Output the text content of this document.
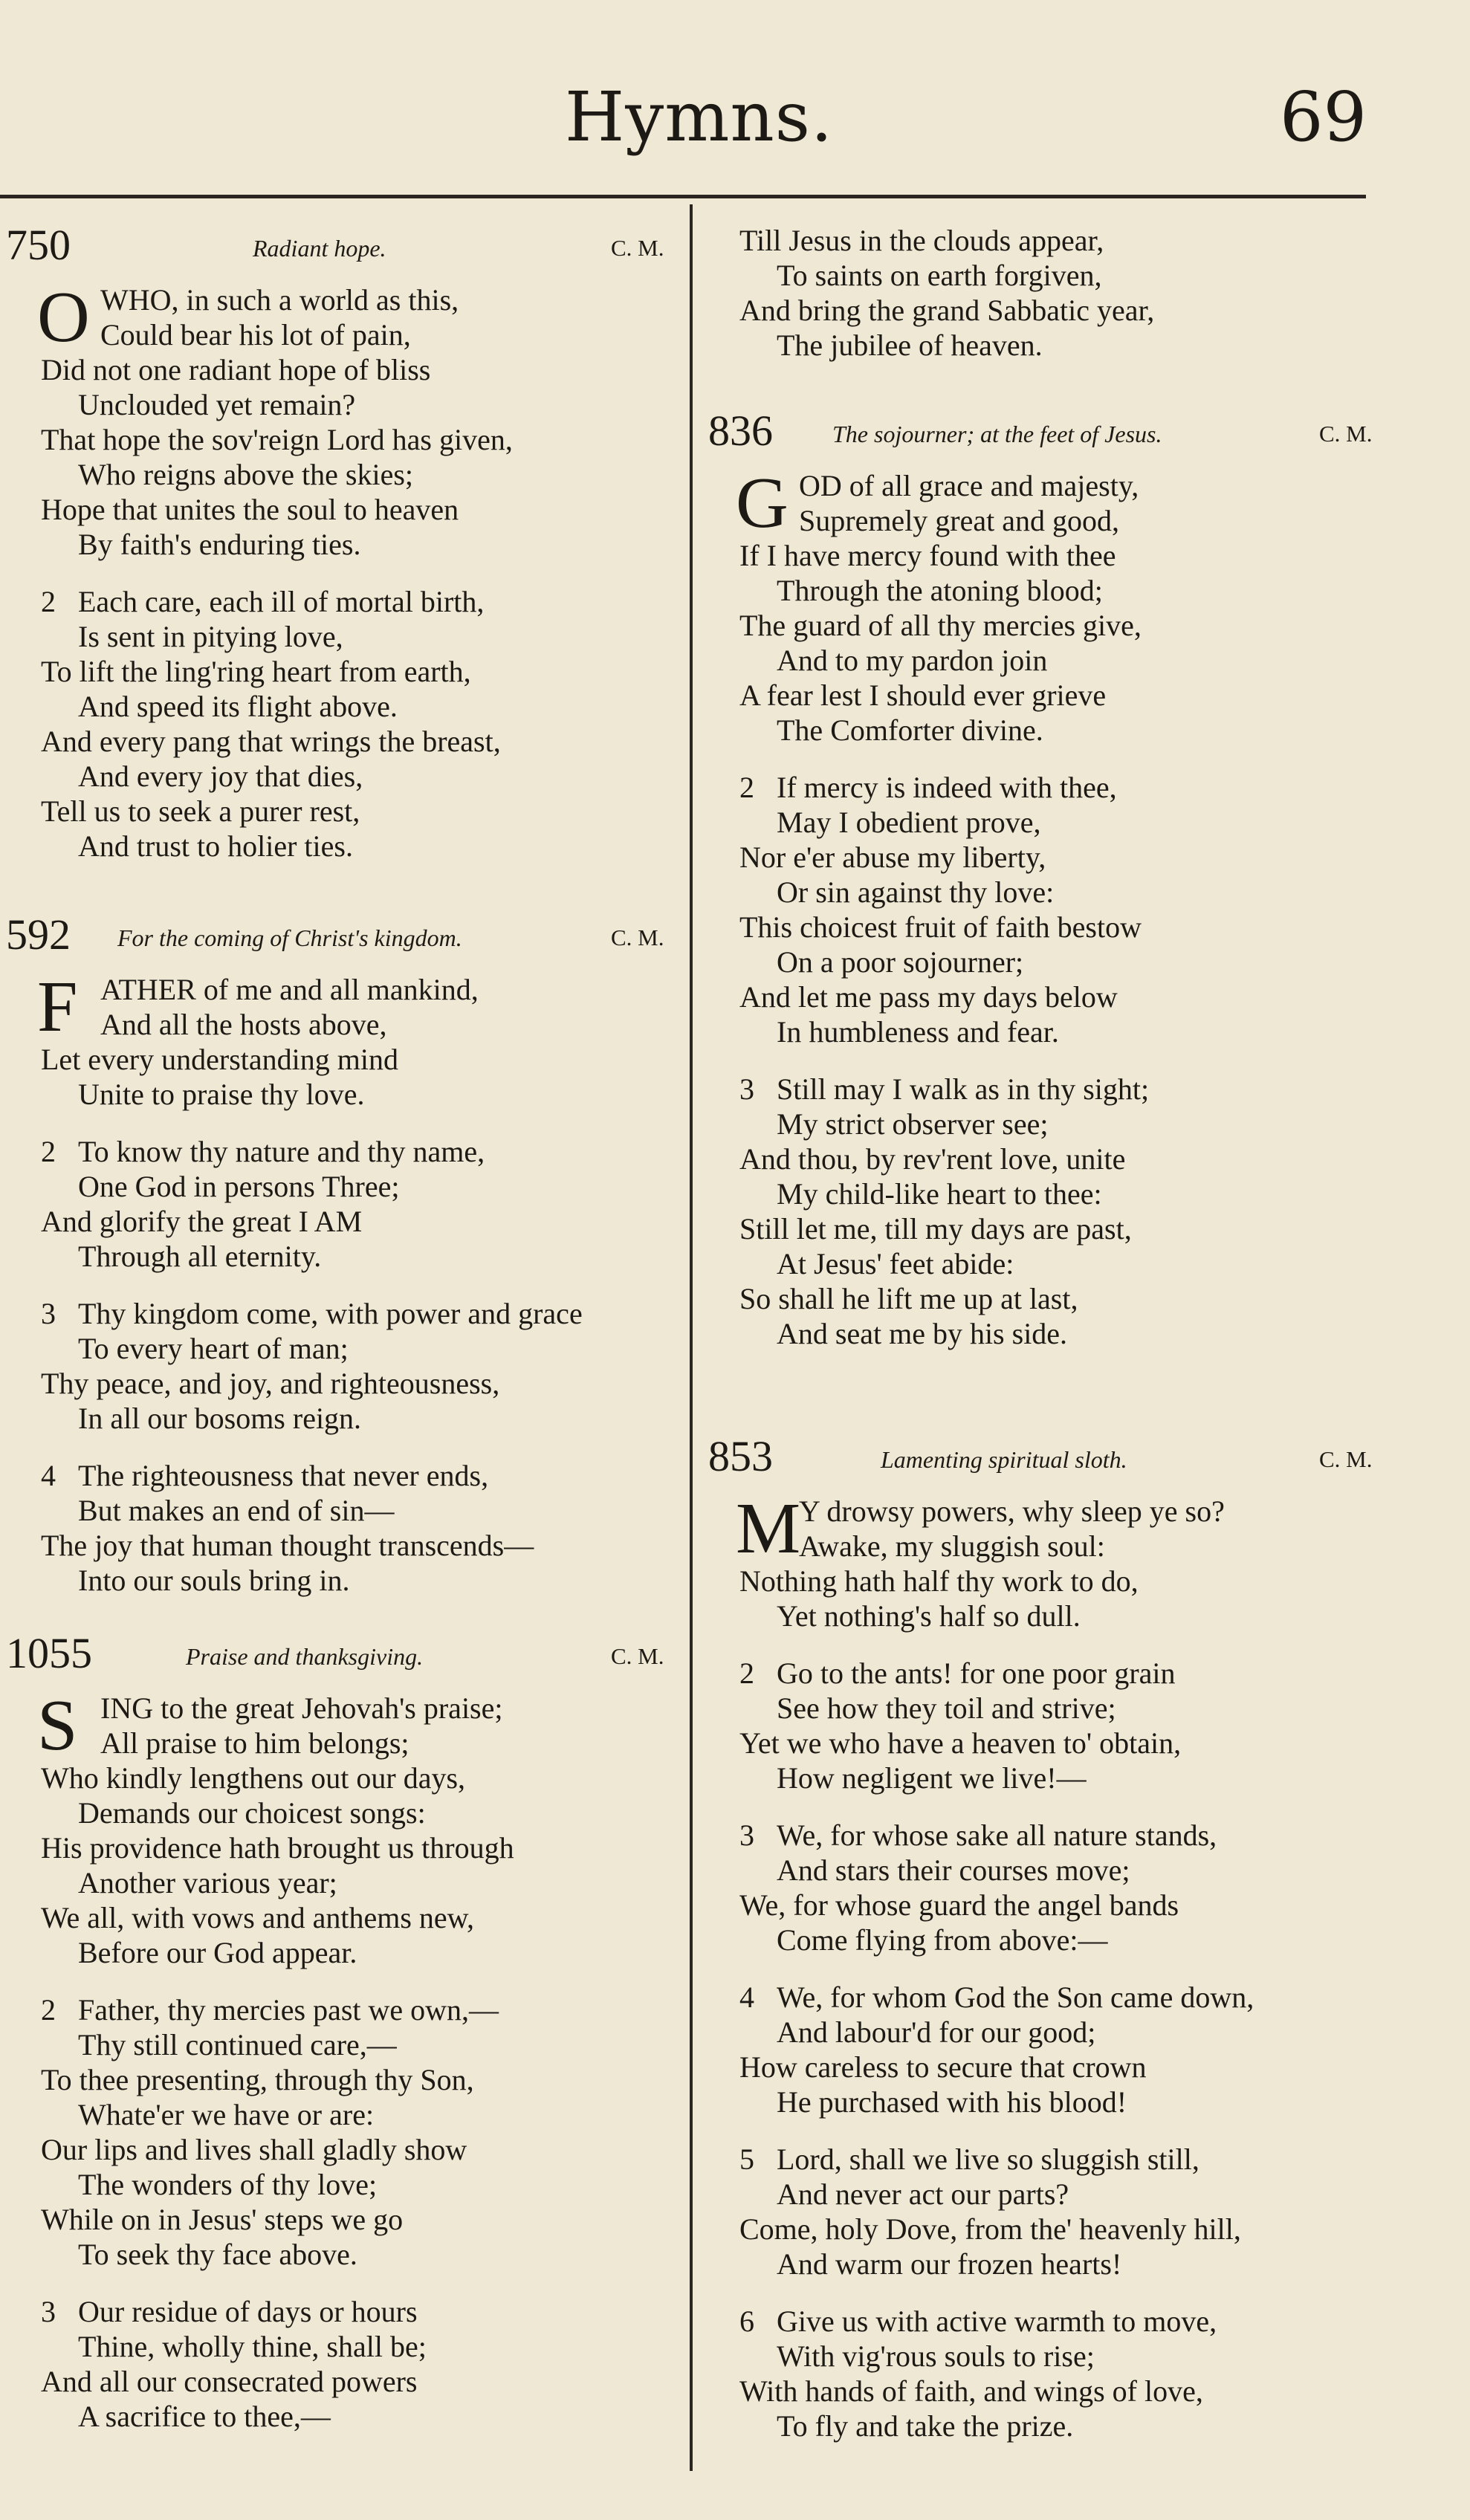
Hymns.	69
750	Radiant hope.	C. M.
O WHO, in such a world as this,
Could bear his lot of pain,
Did not one radiant hope of bliss
Unclouded yet remain?
That hope the sov'reign Lord has given,
Who reigns above the skies;
Hope that unites the soul to heaven
By faith's enduring ties.
2 Each care, each ill of mortal birth,
Is sent in pitying love,
To lift the ling'ring heart from earth,
And speed its flight above.
And every pang that wrings the breast,
And every joy that dies,
Tell us to seek a purer rest,
And trust to holier ties.
592 For the coming of Christ's kingdom.	C. M.
F ATHER of me and all mankind,
And all the hosts above,
Let every understanding mind
Unite to praise thy love.
2 To know thy nature and thy name,
One God in persons Three;
And glorify the great I AM
Through all eternity.
3 Thy kingdom come, with power and grace
To every heart of man;
Thy peace, and joy, and righteousness,
In all our bosoms reign.
4 The righteousness that never ends,
But makes an end of sin—
The joy that human thought transcends—
Into our souls bring in.
1055	Praise and thanksgiving.	C. M.
S ING to the great Jehovah's praise;
All praise to him belongs;
Who kindly lengthens out our days,
Demands our choicest songs:
His providence hath brought us through
Another various year;
We all, with vows and anthems new,
Before our God appear.
2 Father, thy mercies past we own,—
Thy still continued care,—
To thee presenting, through thy Son,
Whate'er we have or are:
Our lips and lives shall gladly show
The wonders of thy love;
While on in Jesus' steps we go
To seek thy face above.
3 Our residue of days or hours
Thine, wholly thine, shall be;
And all our consecrated powers
A sacrifice to thee,—
Till Jesus in the clouds appear,
To saints on earth forgiven,
And bring the grand Sabbatic year,
The jubilee of heaven.
836	The sojourner; at the feet of Jesus.	C. M.
G OD of all grace and majesty,
Supremely great and good,
If I have mercy found with thee
Through the atoning blood;
The guard of all thy mercies give,
And to my pardon join
A fear lest I should ever grieve
The Comforter divine.
2 If mercy is indeed with thee,
May I obedient prove,
Nor e'er abuse my liberty,
Or sin against thy love:
This choicest fruit of faith bestow
On a poor sojourner;
And let me pass my days below
In humbleness and fear.
3 Still may I walk as in thy sight;
My strict observer see;
And thou, by rev'rent love, unite
My child-like heart to thee:
Still let me, till my days are past,
At Jesus' feet abide:
So shall he lift me up at last,
And seat me by his side.
853	Lamenting spiritual sloth.	C. M.
M
Y drowsy powers, why sleep ye so?
Awake, my sluggish soul:
Nothing hath half thy work to do,
Yet nothing's half so dull.
2 Go to the ants! for one poor grain
See how they toil and strive;
Yet we who have a heaven to' obtain,
How negligent we live!—
3 We, for whose sake all nature stands,
And stars their courses move;
We, for whose guard the angel bands
Come flying from above:—
4 We, for whom God the Son came down,
And labour'd for our good;
How careless to secure that crown
He purchased with his blood!
5 Lord, shall we live so sluggish still,
And never act our parts?
Come, holy Dove, from the' heavenly hill,
And warm our frozen hearts!
6 Give us with active warmth to move,
With vig'rous souls to rise;
With hands of faith, and wings of love,
To fly and take the prize.
